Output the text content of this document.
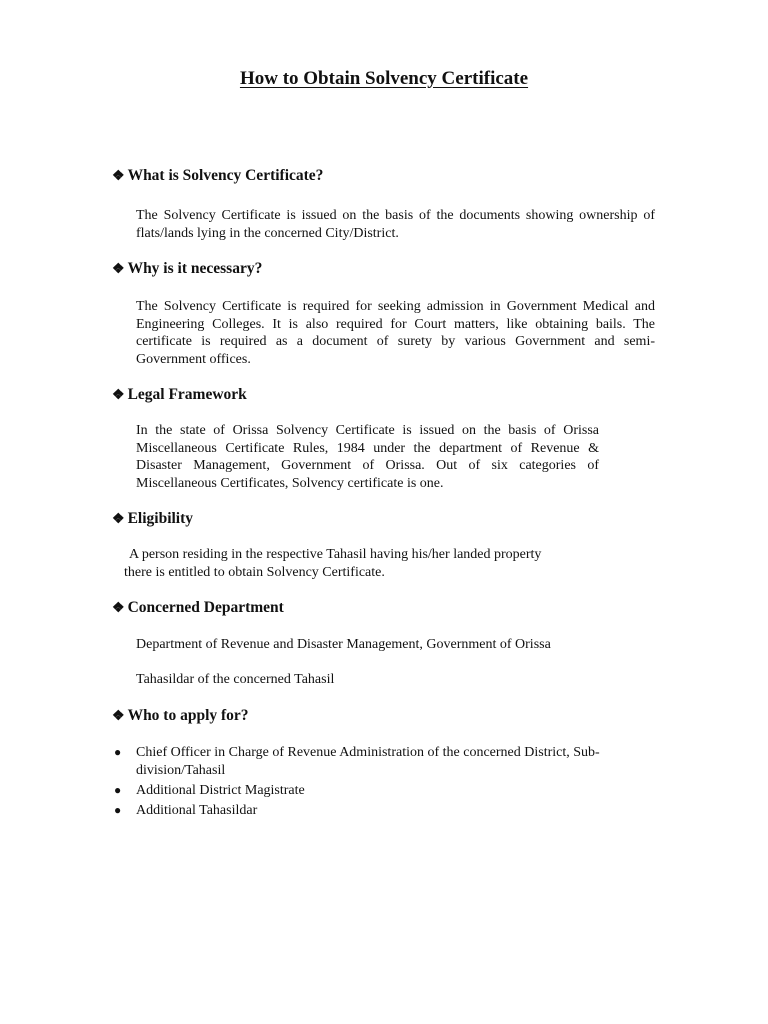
How to Obtain Solvency Certificate
❖ What is Solvency Certificate?
The Solvency Certificate is issued on the basis of the documents showing ownership of flats/lands lying in the concerned City/District.
❖ Why is it necessary?
The Solvency Certificate is required for seeking admission in Government Medical and Engineering Colleges. It is also required for Court matters, like obtaining bails. The certificate is required as a document of surety by various Government and semi-Government offices.
❖ Legal Framework
In the state of Orissa Solvency Certificate is issued on the basis of Orissa Miscellaneous Certificate Rules, 1984 under the department of Revenue & Disaster Management, Government of Orissa. Out of six categories of Miscellaneous Certificates, Solvency certificate is one.
❖ Eligibility
A person residing in the respective Tahasil having his/her landed property
there is entitled to obtain Solvency Certificate.
❖ Concerned Department
Department of Revenue and Disaster Management, Government of Orissa
Tahasildar of the concerned Tahasil
❖ Who to apply for?
● Chief Officer in Charge of Revenue Administration of the concerned District, Sub-division/Tahasil
● Additional District Magistrate
● Additional Tahasildar
